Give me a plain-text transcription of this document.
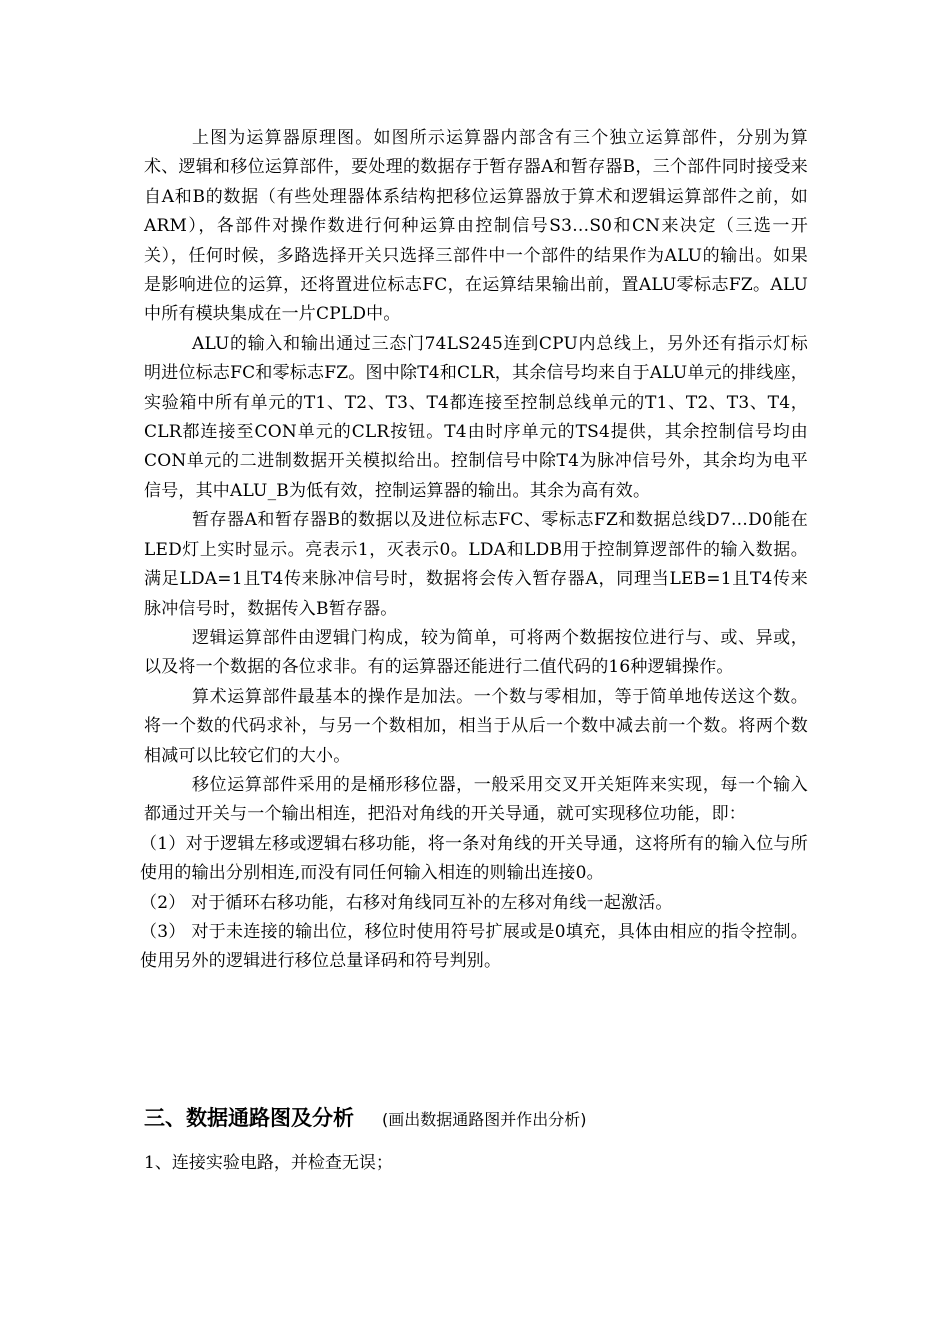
上图为运算器原理图。如图所示运算器内部含有三个独立运算部件，分别为算术、逻辑和移位运算部件，要处理的数据存于暂存器A和暂存器B，三个部件同时接受来自A和B的数据（有些处理器体系结构把移位运算器放于算术和逻辑运算部件之前，如ARM），各部件对操作数进行何种运算由控制信号S3…S0和CN来决定（三选一开关），任何时候，多路选择开关只选择三部件中一个部件的结果作为ALU的输出。如果是影响进位的运算，还将置进位标志FC，在运算结果输出前，置ALU零标志FZ。ALU中所有模块集成在一片CPLD中。

ALU的输入和输出通过三态门74LS245连到CPU内总线上，另外还有指示灯标明进位标志FC和零标志FZ。图中除T4和CLR，其余信号均来自于ALU单元的排线座，实验箱中所有单元的T1、T2、T3、T4都连接至控制总线单元的T1、T2、T3、T4，CLR都连接至CON单元的CLR按钮。T4由时序单元的TS4提供，其余控制信号均由CON单元的二进制数据开关模拟给出。控制信号中除T4为脉冲信号外，其余均为电平信号，其中ALU_B为低有效，控制运算器的输出。其余为高有效。

暂存器A和暂存器B的数据以及进位标志FC、零标志FZ和数据总线D7…D0能在LED灯上实时显示。亮表示1，灭表示0。LDA和LDB用于控制算逻部件的输入数据。满足LDA=1且T4传来脉冲信号时，数据将会传入暂存器A，同理当LEB=1且T4传来脉冲信号时，数据传入B暂存器。

逻辑运算部件由逻辑门构成，较为简单，可将两个数据按位进行与、或、异或，以及将一个数据的各位求非。有的运算器还能进行二值代码的16种逻辑操作。

算术运算部件最基本的操作是加法。一个数与零相加，等于简单地传送这个数。将一个数的代码求补，与另一个数相加，相当于从后一个数中减去前一个数。将两个数相减可以比较它们的大小。

移位运算部件采用的是桶形移位器，一般采用交叉开关矩阵来实现，每一个输入都通过开关与一个输出相连，把沿对角线的开关导通，就可实现移位功能，即：

（1）对于逻辑左移或逻辑右移功能，将一条对角线的开关导通，这将所有的输入位与所使用的输出分别相连,而没有同任何输入相连的则输出连接0。

（2） 对于循环右移功能，右移对角线同互补的左移对角线一起激活。

（3） 对于未连接的输出位，移位时使用符号扩展或是0填充，具体由相应的指令控制。使用另外的逻辑进行移位总量译码和符号判别。

三、数据通路图及分析 (画出数据通路图并作出分析)
1、连接实验电路，并检查无误；
